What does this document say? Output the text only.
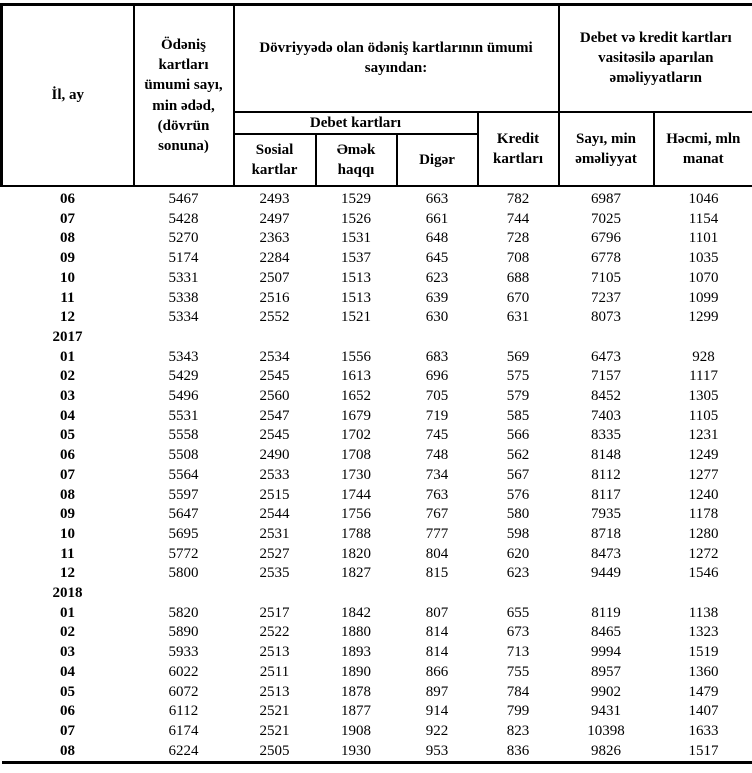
İl, ay	Ödəniş kartları ümumi sayı, min ədəd, (dövrün sonuna)	Dövriyyədə olan ödəniş kartlarının ümumi sayından:				Debet və kredit kartları vasitəsilə aparılan əməliyyatların	
		Debet kartları			Kredit kartları	Sayı, min əməliyyat	Həcmi, mln manat
		Sosial kartlar	Əmək haqqı	Digər			
06	5467	2493	1529	663	782	6987	1046
07	5428	2497	1526	661	744	7025	1154
08	5270	2363	1531	648	728	6796	1101
09	5174	2284	1537	645	708	6778	1035
10	5331	2507	1513	623	688	7105	1070
11	5338	2516	1513	639	670	7237	1099
12	5334	2552	1521	630	631	8073	1299
2017							
01	5343	2534	1556	683	569	6473	928
02	5429	2545	1613	696	575	7157	1117
03	5496	2560	1652	705	579	8452	1305
04	5531	2547	1679	719	585	7403	1105
05	5558	2545	1702	745	566	8335	1231
06	5508	2490	1708	748	562	8148	1249
07	5564	2533	1730	734	567	8112	1277
08	5597	2515	1744	763	576	8117	1240
09	5647	2544	1756	767	580	7935	1178
10	5695	2531	1788	777	598	8718	1280
11	5772	2527	1820	804	620	8473	1272
12	5800	2535	1827	815	623	9449	1546
2018							
01	5820	2517	1842	807	655	8119	1138
02	5890	2522	1880	814	673	8465	1323
03	5933	2513	1893	814	713	9994	1519
04	6022	2511	1890	866	755	8957	1360
05	6072	2513	1878	897	784	9902	1479
06	6112	2521	1877	914	799	9431	1407
07	6174	2521	1908	922	823	10398	1633
08	6224	2505	1930	953	836	9826	1517
